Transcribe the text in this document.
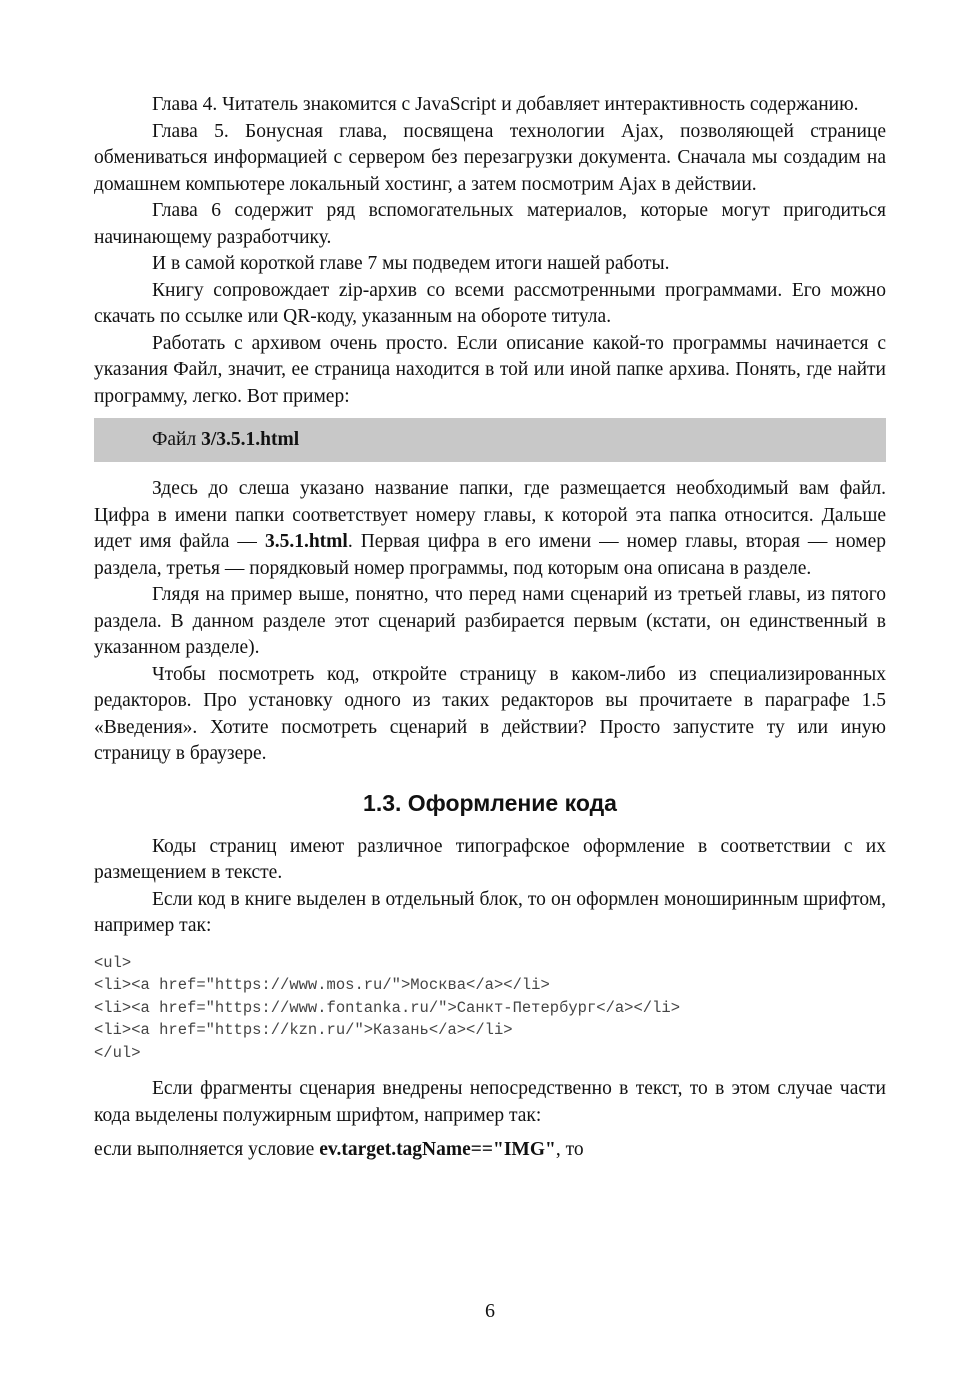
Глава 4. Читатель знакомится с JavaScript и добавляет интерактивность содержанию.

Глава 5. Бонусная глава, посвящена технологии Ajax, позволяющей странице обмениваться информацией с сервером без перезагрузки документа. Сначала мы создадим на домашнем компьютере локальный хостинг, а затем посмотрим Ajax в действии.

Глава 6 содержит ряд вспомогательных материалов, которые могут пригодиться начинающему разработчику.

И в самой короткой главе 7 мы подведем итоги нашей работы.

Книгу сопровождает zip-архив со всеми рассмотренными программами. Его можно скачать по ссылке или QR-коду, указанным на обороте титула.

Работать с архивом очень просто. Если описание какой-то программы начинается с указания Файл, значит, ее страница находится в той или иной папке архива. Понять, где найти программу, легко. Вот пример:

Файл 3/3.5.1.html

Здесь до слеша указано название папки, где размещается необходимый вам файл. Цифра в имени папки соответствует номеру главы, к которой эта папка относится. Дальше идет имя файла — 3.5.1.html. Первая цифра в его имени — номер главы, вторая — номер раздела, третья — порядковый номер программы, под которым она описана в разделе.

Глядя на пример выше, понятно, что перед нами сценарий из третьей главы, из пятого раздела. В данном разделе этот сценарий разбирается первым (кстати, он единственный в указанном разделе).

Чтобы посмотреть код, откройте страницу в каком-либо из специализированных редакторов. Про установку одного из таких редакторов вы прочитаете в параграфе 1.5 «Введения». Хотите посмотреть сценарий в действии? Просто запустите ту или иную страницу в браузере.

1.3. Оформление кода

Коды страниц имеют различное типографское оформление в соответствии с их размещением в тексте.

Если код в книге выделен в отдельный блок, то он оформлен моноширинным шрифтом, например так:

<ul>
<li><a href="https://www.mos.ru/">Москва</a></li>
<li><a href="https://www.fontanka.ru/">Санкт-Петербург</a></li>
<li><a href="https://kzn.ru/">Казань</a></li>
</ul>

Если фрагменты сценария внедрены непосредственно в текст, то в этом случае части кода выделены полужирным шрифтом, например так:

если выполняется условие ev.target.tagName=="IMG", то

6
